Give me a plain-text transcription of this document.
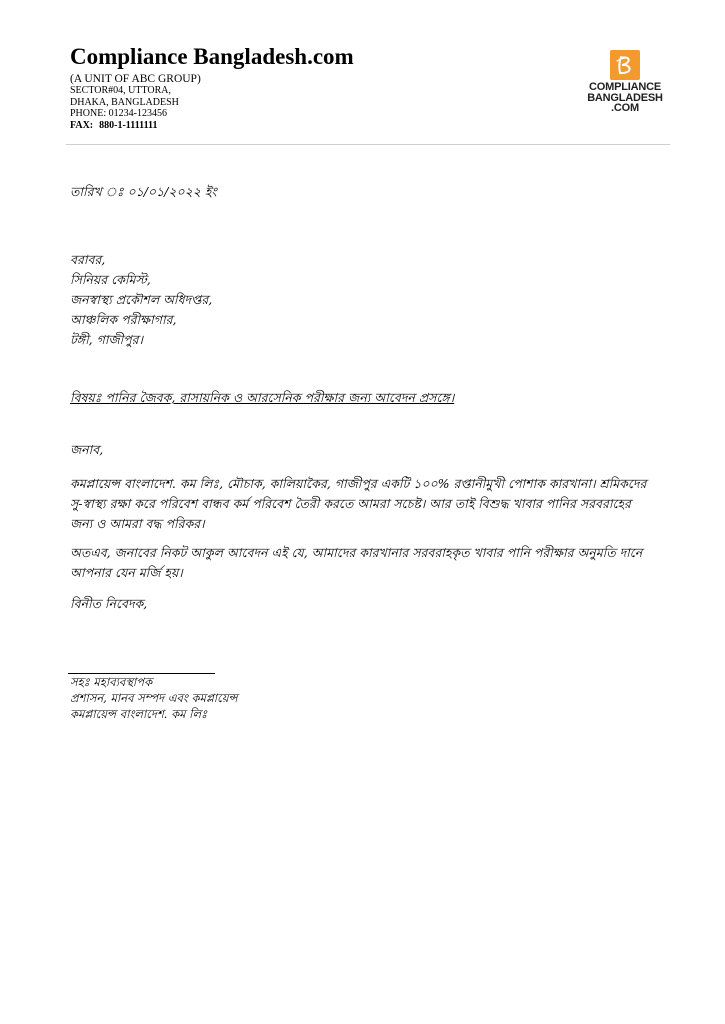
Compliance Bangladesh.com
(A UNIT OF ABC GROUP)
SECTOR#04, UTTORA,
DHAKA, BANGLADESH
PHONE: 01234-123456
FAX: 880-1-1111111
COMPLIANCE
BANGLADESH
.COM
তারিখ ঃ ০১/০১/২০২২ ইং
বরাবর,
সিনিয়র কেমিস্ট,
জনস্বাস্থ্য প্রকৌশল অধিদপ্তর,
আঞ্চলিক পরীক্ষাগার,
টঙ্গী, গাজীপুর।
বিষয়ঃ পানির জৈবক, রাসায়নিক ও আরসেনিক পরীক্ষার জন্য আবেদন প্রসঙ্গে।
জনাব,
কমপ্লায়েন্স বাংলাদেশ. কম লিঃ, মৌচাক, কালিয়াকৈর, গাজীপুর একটি ১০০% রপ্তানীমুখী পোশাক কারখানা। শ্রমিকদের সু-স্বাস্থ্য রক্ষা করে পরিবেশ বান্ধব কর্ম পরিবেশ তৈরী করতে আমরা সচেষ্ট। আর তাই বিশুদ্ধ খাবার পানির সরবরাহের জন্য ও আমরা বদ্ধ পরিকর।
অতএব, জনাবের নিকট আকুল আবেদন এই যে, আমাদের কারখানার সরবরাহকৃত খাবার পানি পরীক্ষার অনুমতি দানে আপনার যেন মর্জি হয়।
বিনীত নিবেদক,
সহঃ মহাব্যবস্থাপক
প্রশাসন, মানব সম্পদ এবং কমপ্লায়েন্স
কমপ্লায়েন্স বাংলাদেশ. কম লিঃ
